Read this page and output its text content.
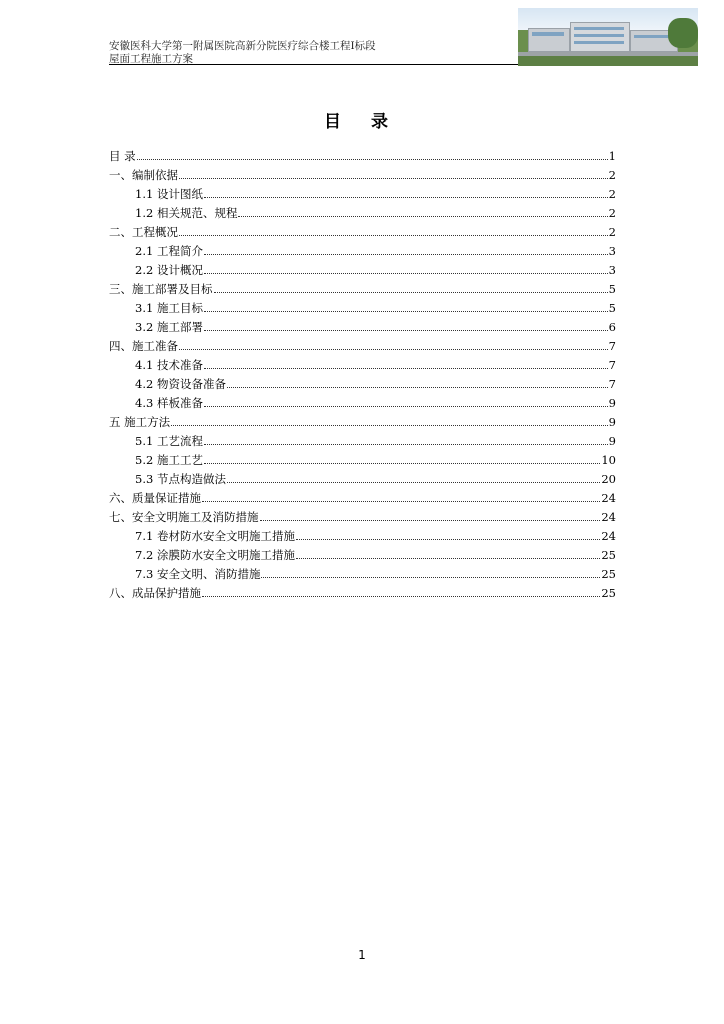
安徽医科大学第一附属医院高新分院医疗综合楼工程Ⅰ标段
屋面工程施工方案
目 录
目 录	1
一、编制依据	2
1.1 设计图纸	2
1.2 相关规范、规程	2
二、工程概况	2
2.1 工程简介	3
2.2 设计概况	3
三、施工部署及目标	5
3.1 施工目标	5
3.2 施工部署	6
四、施工准备	7
4.1 技术准备	7
4.2 物资设备准备	7
4.3 样板准备	9
五 施工方法	9
5.1 工艺流程	9
5.2 施工工艺	10
5.3 节点构造做法	20
六、质量保证措施	24
七、安全文明施工及消防措施	24
7.1 卷材防水安全文明施工措施	24
7.2 涂膜防水安全文明施工措施	25
7.3 安全文明、消防措施	25
八、成品保护措施	25
1
